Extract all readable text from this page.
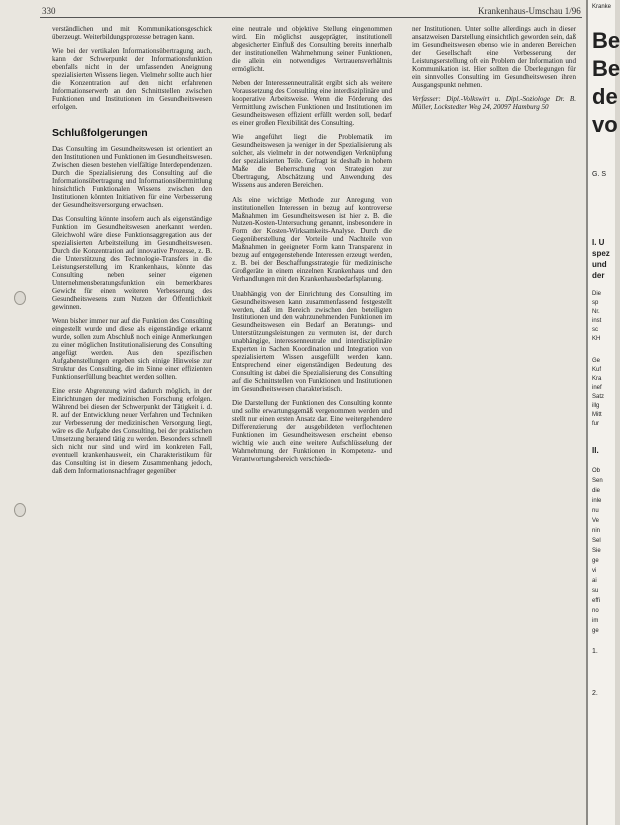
330	Krankenhaus-Umschau 1/96

verständlichen und mit Kommunikationsgeschick überzeugt. Weiterbildungsprozesse betragen kann.

Wie bei der vertikalen Informationsübertragung auch, kann der Schwerpunkt der Informationsfunktion ebenfalls nicht in der umfassenden Aneignung spezialisierten Wissens liegen. Vielmehr sollte auch hier die Konzentration auf den nicht erfahrenen Informationserwerb an den Schnittstellen zwischen Funktionen und Institutionen im Gesundheitswesen erfolgen.

Schlußfolgerungen

Das Consulting im Gesundheitswesen ist orientiert an den Institutionen und Funktionen im Gesundheitswesen. Zwischen diesen bestehen vielfältige Interdependenzen. Durch die Spezialisierung des Consulting auf die Informationsübertragung und Informationsübermittlung hinsichtlich Funktionalen Wissens zwischen den Institutionen könnten Initiativen für eine Verbesserung der Gesundheitsversorgung erwachsen.

Das Consulting könnte insofern auch als eigenständige Funktion im Gesundheitswesen anerkannt werden. Gleichwohl wäre diese Funktionsaggregation aus der spezialisierten Arbeitsteilung im Gesundheitswesen. Durch die Konzentration auf innovative Prozesse, z. B. die Unterstützung des Technologie-Transfers in die Leistungserstellung im Krankenhaus, könnte das Consulting neben seiner eigenen Unternehmensberatungsfunktion ein bemerkbares Gewicht für einen weiteren Verbesserung des Gesundheitswesens zum Nutzen der Öffentlichkeit gewinnen.

Wenn bisher immer nur auf die Funktion des Consulting eingestellt wurde und diese als eigenständige erkannt wurde, sollen zum Abschluß noch einige Anmerkungen zu einer möglichen Institutionalisierung des Consulting angefügt werden. Aus den spezifischen Aufgabenstellungen ergeben sich einige Hinweise zur Struktur des Consulting, die im Sinne einer effizienten Funktionserfüllung beachtet werden sollten.

Eine erste Abgrenzung wird dadurch möglich, in der Einrichtungen der medizinischen Forschung erfolgen. Während bei diesen der Schwerpunkt der Tätigkeit i. d. R. auf der Entwicklung neuer Verfahren und Techniken zur Verbesserung der medizinischen Versorgung liegt, wäre es die Aufgabe des Consulting, bei der praktischen Umsetzung beratend tätig zu werden. Besonders schnell sich nicht nur sind und wird im konkreten Fall, eventuell krankenhausweit, ein Charakteristikum für das Consulting ist in diesem Zusammenhang jedoch, daß dem Informationsnachfrager gegenüber

eine neutrale und objektive Stellung eingenommen wird. Ein möglichst ausgeprägter, institutionell abgesicherter Einfluß des Consulting bereits innerhalb der institutionellen Wahrnehmung seiner Funktionen, die allein ein notwendiges Vertrauensverhältnis ermöglicht.

Neben der Interessenneutralität ergibt sich als weitere Voraussetzung des Consulting eine interdisziplinäre und kooperative Arbeitsweise. Wenn die Förderung des Vermittlung zwischen Funktionen und Institutionen im Gesundheitswesen effizient erfüllt werden soll, bedarf es einer großen Flexibilität des Consulting.

Wie angeführt liegt die Problematik im Gesundheitswesen ja weniger in der Spezialisierung als solcher, als vielmehr in der notwendigen Verknüpfung der spezialisierten Teile. Gefragt ist deshalb in hohem Maße die Beherrschung von Strategien zur Übertragung, Abschätzung und Anwendung des Wissens aus anderen Bereichen.

Als eine wichtige Methode zur Anregung von institutionellen Interessen in bezug auf kontroverse Maßnahmen im Gesundheitswesen ist hier z. B. die Nutzen-Kosten-Untersuchung genannt, insbesondere in Form der Kosten-Wirksamkeits-Analyse. Durch die Gegenüberstellung der Vorteile und Nachteile von Maßnahmen in geeigneter Form kann Transparenz in bezug auf entgegenstehende Interessen erzeugt werden, z. B. bei der Beschaffungsstrategie für medizinische Großgeräte in einem einzelnen Krankenhaus und den Verhandlungen mit den Krankenhausbedarfsplanung.

Unabhängig von der Einrichtung des Consulting im Gesundheitswesen kann zusammenfassend festgestellt werden, daß im Bereich zwischen den beteiligten Institutionen und den wahrzunehmenden Funktionen im Gesundheitswesen ein Bedarf an Beratungs- und Unterstützungsleistungen zu vermuten ist, der durch unabhängige, interessenneutrale und interdisziplinäre Experten in Sachen Koordination und Integration von spezialisiertem Wissen ausgefüllt werden kann. Entsprechend einer eigenständigen Bedeutung des Consulting ist dabei die Spezialisierung des Consulting auf die Schnittstellen von Funktionen und Institutionen im Gesundheitswesen charakteristisch.

Die Darstellung der Funktionen des Consulting konnte und sollte erwartungsgemäß vergenommen werden und stellt nur einen ersten Ansatz dar. Eine weitergehendere Differenzierung der ausgebildeten verflochtenen Funktionen im Gesundheitswesen erscheint ebenso wichtig wie auch eine weitere Aufschlüsselung der Wahrnehmung der Funktionen in Kompetenz- und Verantwortungsbereich verschiede-

ner Institutionen. Unter sollte allerdings auch in dieser ansatzweisen Darstellung einsichtlich geworden sein, daß im Gesundheitswesen ebenso wie in anderen Bereichen der Gesellschaft eine Verbesserung der Leistungserstellung oft ein Problem der Information und Kommunikation ist. Hier sollten die Überlegungen für ein sinnvolles Consulting im Gesundheitswesen ihren Ausgangspunkt nehmen.

Verfasser: Dipl.-Volkswirt u. Dipl.-Soziologe Dr. B. Müller, Lockstedter Weg 24, 20097 Hamburg 50

Kranke
Be
Be
de
vo
G. S
I. U
spez
und
der
Die
sp
Nr.
inst
sc
KH
Ge
Kuf
Kra
inef
Satz
illg
Mitt
fur
II.
Ob
Sen
die
inle
nu
Ve
nin
Sel
Sie
ge
vi
ai
su
effi
no
im
ge
1.
2.
